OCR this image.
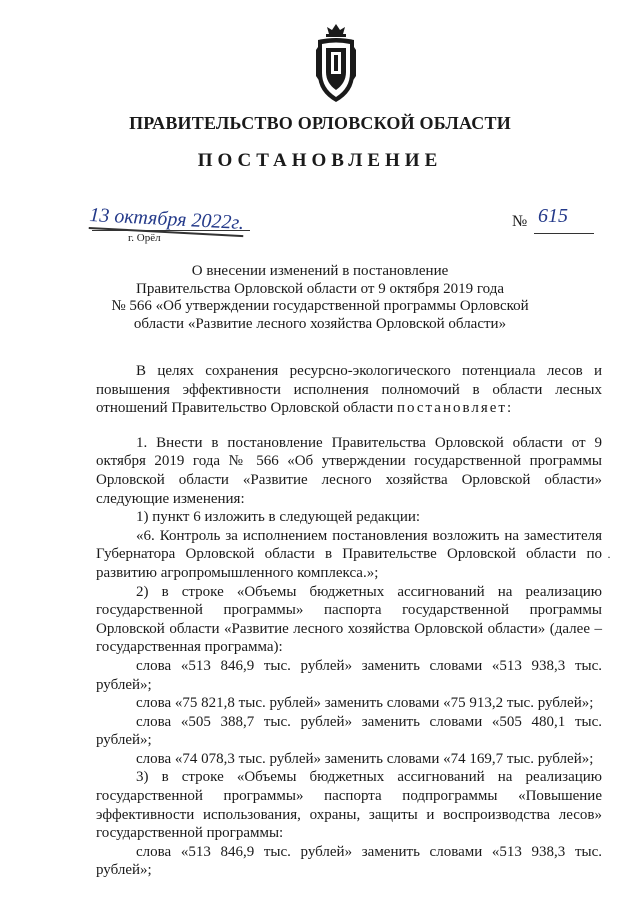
ПРАВИТЕЛЬСТВО ОРЛОВСКОЙ ОБЛАСТИ
ПОСТАНОВЛЕНИЕ
13 октября 2022г.
г. Орёл
№ 615
О внесении изменений в постановление
Правительства Орловской области от 9 октября 2019 года
№ 566 «Об утверждении государственной программы Орловской
области «Развитие лесного хозяйства Орловской области»

В целях сохранения ресурсно-экологического потенциала лесов и повышения эффективности исполнения полномочий в области лесных отношений Правительство Орловской области постановляет:

1. Внести в постановление Правительства Орловской области от 9 октября 2019 года № 566 «Об утверждении государственной программы Орловской области «Развитие лесного хозяйства Орловской области» следующие изменения:

1) пункт 6 изложить в следующей редакции:

«6. Контроль за исполнением постановления возложить на заместителя Губернатора Орловской области в Правительстве Орловской области по развитию агропромышленного комплекса.»;

2) в строке «Объемы бюджетных ассигнований на реализацию государственной программы» паспорта государственной программы Орловской области «Развитие лесного хозяйства Орловской области» (далее – государственная программа):

слова «513 846,9 тыс. рублей» заменить словами «513 938,3 тыс. рублей»;

слова «75 821,8 тыс. рублей» заменить словами «75 913,2 тыс. рублей»;

слова «505 388,7 тыс. рублей» заменить словами «505 480,1 тыс. рублей»;

слова «74 078,3 тыс. рублей» заменить словами «74 169,7 тыс. рублей»;

3) в строке «Объемы бюджетных ассигнований на реализацию государственной программы» паспорта подпрограммы «Повышение эффективности использования, охраны, защиты и воспроизводства лесов» государственной программы:

слова «513 846,9 тыс. рублей» заменить словами «513 938,3 тыс. рублей»;

·
